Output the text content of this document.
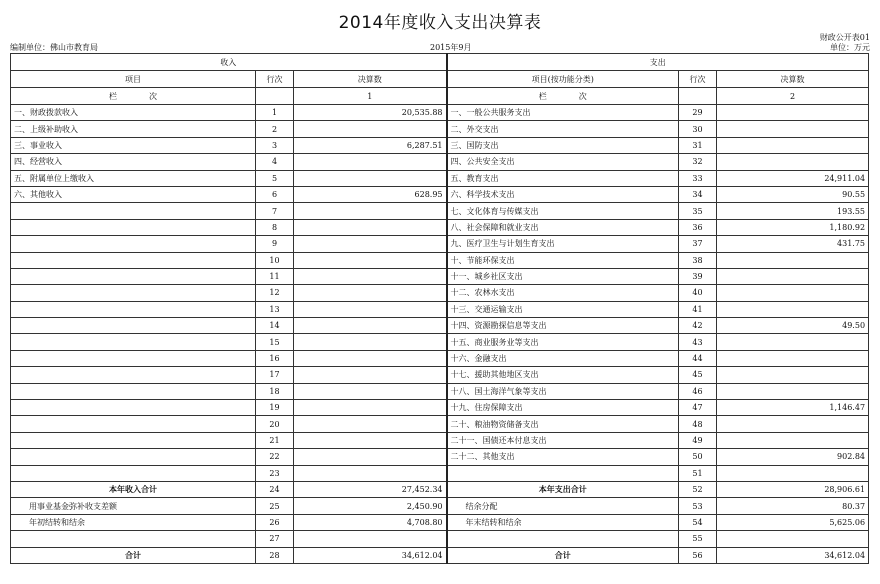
2014年度收入支出决算表
财政公开表01
编制单位：佛山市教育局	2015年9月	单位：万元
收入			支出		
项目	行次	决算数	项目(按功能分类)	行次	决算数
栏　　　　次		1	栏　　　　次		2
一、财政拨款收入	1	20,535.88	一、一般公共服务支出	29	
二、上级补助收入	2		二、外交支出	30	
三、事业收入	3	6,287.51	三、国防支出	31	
四、经营收入	4		四、公共安全支出	32	
五、附属单位上缴收入	5		五、教育支出	33	24,911.04
六、其他收入	6	628.95	六、科学技术支出	34	90.55
	7		七、文化体育与传媒支出	35	193.55
	8		八、社会保障和就业支出	36	1,180.92
	9		九、医疗卫生与计划生育支出	37	431.75
	10		十、节能环保支出	38	
	11		十一、城乡社区支出	39	
	12		十二、农林水支出	40	
	13		十三、交通运输支出	41	
	14		十四、资源勘探信息等支出	42	49.50
	15		十五、商业服务业等支出	43	
	16		十六、金融支出	44	
	17		十七、援助其他地区支出	45	
	18		十八、国土海洋气象等支出	46	
	19		十九、住房保障支出	47	1,146.47
	20		二十、粮油物资储备支出	48	
	21		二十一、国债还本付息支出	49	
	22		二十二、其他支出	50	902.84
	23			51	
本年收入合计	24	27,452.34	本年支出合计	52	28,906.61
用事业基金弥补收支差额	25	2,450.90	结余分配	53	80.37
年初结转和结余	26	4,708.80	年末结转和结余	54	5,625.06
	27			55	
合计	28	34,612.04	合计	56	34,612.04
